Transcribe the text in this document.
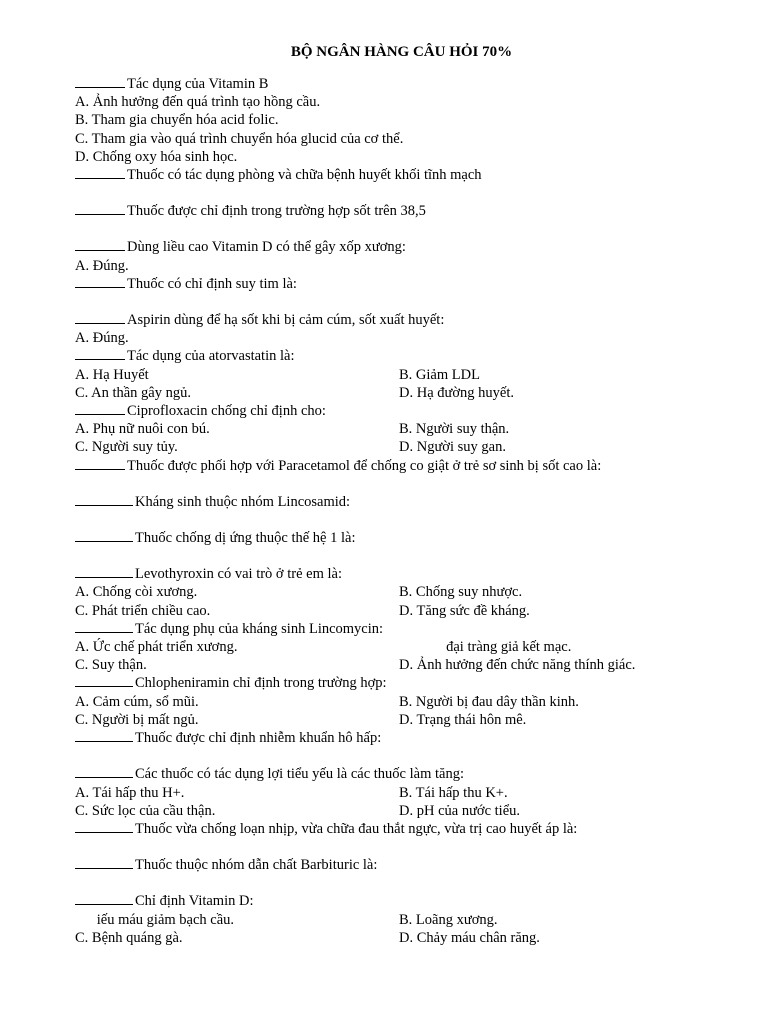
BỘ NGÂN HÀNG CÂU HỎI 70%
Tác dụng của Vitamin B
A. Ảnh hưởng đến quá trình tạo hồng cầu.
B. Tham gia chuyển hóa acid folic.
C. Tham gia vào quá trình chuyển hóa glucid của cơ thể.
D. Chống oxy hóa sinh học.
Thuốc có tác dụng phòng và chữa bệnh huyết khối tĩnh mạch
Thuốc được chỉ định trong trường hợp sốt trên 38,5
Dùng liều cao Vitamin D có thể gây xốp xương:
A. Đúng.
Thuốc có chỉ định suy tim là:
Aspirin dùng để hạ sốt khi bị cảm cúm, sốt xuất huyết:
A. Đúng.
Tác dụng của atorvastatin là:
A. Hạ Huyết	B. Giảm LDL
C. An thần gây ngủ.	D. Hạ đường huyết.
Ciprofloxacin chống chỉ định cho:
A. Phụ nữ nuôi con bú.	B. Người suy thận.
C. Người suy tủy.	D. Người suy gan.
Thuốc được phối hợp với Paracetamol để chống co giật ở trẻ sơ sinh bị sốt cao là:
Kháng sinh thuộc nhóm Lincosamid:
Thuốc chống dị ứng thuộc thế hệ 1 là:
Levothyroxin có vai trò ở trẻ em là:
A. Chống còi xương.	B. Chống suy nhược.
C. Phát triển chiều cao.	D. Tăng sức đề kháng.
Tác dụng phụ của kháng sinh Lincomycin:
A. Ức chế phát triển xương.	đại tràng giả kết mạc.
C. Suy thận.	D. Ảnh hưởng đến chức năng thính giác.
Chlopheniramin chỉ định trong trường hợp:
A. Cảm cúm, sổ mũi.	B. Người bị đau dây thần kinh.
C. Người bị mất ngủ.	D. Trạng thái hôn mê.
Thuốc được chỉ định nhiễm khuẩn hô hấp:
Các thuốc có tác dụng lợi tiểu yếu là các thuốc làm tăng:
A. Tái hấp thu H+.	B. Tái hấp thu K+.
C. Sức lọc của cầu thận.	D. pH của nước tiểu.
Thuốc vừa chống loạn nhịp, vừa chữa đau thắt ngực, vừa trị cao huyết áp là:
Thuốc thuộc nhóm dẫn chất Barbituric là:
Chỉ định Vitamin D:
iếu máu giảm bạch cầu.	B. Loãng xương.
C. Bệnh quáng gà.	D. Chảy máu chân răng.
